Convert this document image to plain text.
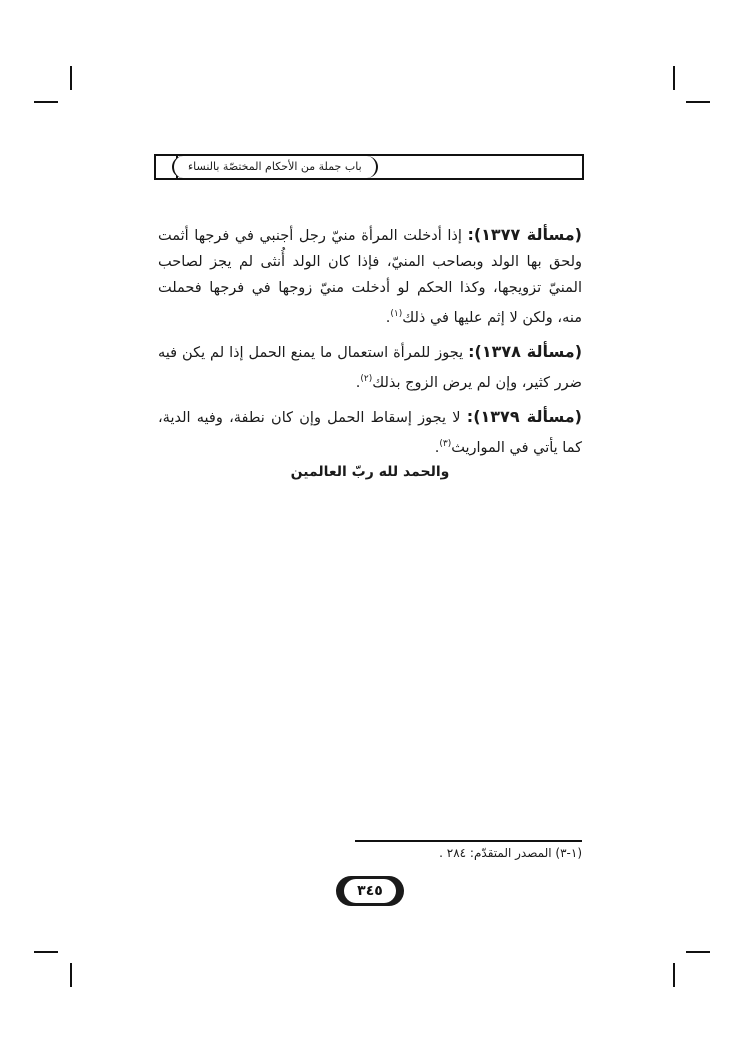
باب جملة من الأحكام المختصّة بالنساء

(مسألة ١٣٧٧): إذا أدخلت المرأة منيّ رجل أجنبي في فرجها أثمت ولحق بها الولد وبصاحب المنيّ، فإذا كان الولد أُنثى لم يجز لصاحب المنيّ تزويجها، وكذا الحكم لو أدخلت منيّ زوجها في فرجها فحملت منه، ولكن لا إثم عليها في ذلك$^{(١)}$.

(مسألة ١٣٧٨): يجوز للمرأة استعمال ما يمنع الحمل إذا لم يكن فيه ضرر كثير، وإن لم يرض الزوج بذلك$^{(٢)}$.

(مسألة ١٣٧٩): لا يجوز إسقاط الحمل وإن كان نطفة، وفيه الدية، كما يأتي في المواريث$^{(٣)}$.

والحمد لله ربّ العالمين
(١-٣) المصدر المتقدّم: ٢٨٤ .
٣٤٥
